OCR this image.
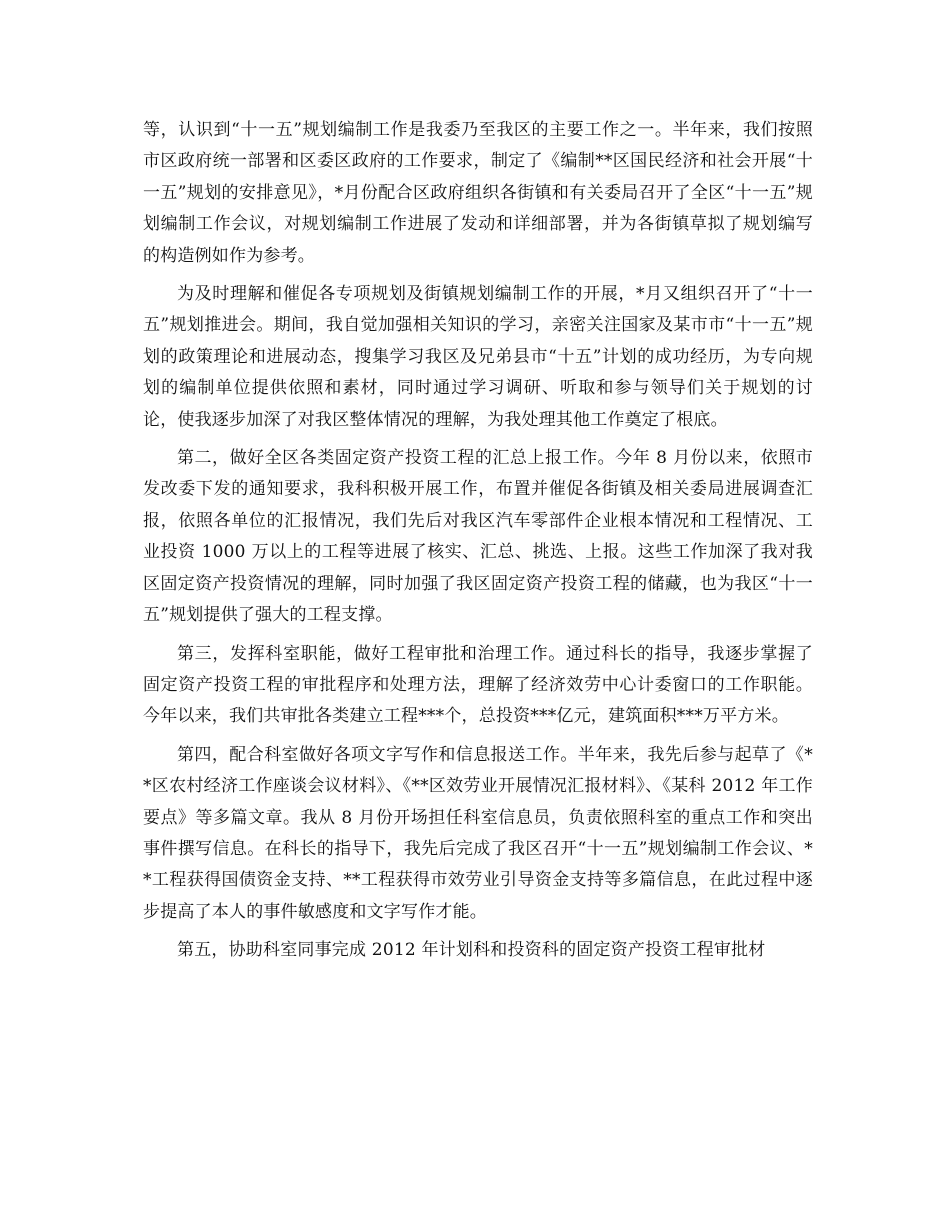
等，认识到“十一五”规划编制工作是我委乃至我区的主要工作之一。半年来，我们按照市区政府统一部署和区委区政府的工作要求，制定了《编制**区国民经济和社会开展“十一五”规划的安排意见》，*月份配合区政府组织各街镇和有关委局召开了全区“十一五”规划编制工作会议，对规划编制工作进展了发动和详细部署，并为各街镇草拟了规划编写的构造例如作为参考。

为及时理解和催促各专项规划及街镇规划编制工作的开展，*月又组织召开了“十一五”规划推进会。期间，我自觉加强相关知识的学习，亲密关注国家及某市市“十一五”规划的政策理论和进展动态，搜集学习我区及兄弟县市“十五”计划的成功经历，为专向规划的编制单位提供依照和素材，同时通过学习调研、听取和参与领导们关于规划的讨论，使我逐步加深了对我区整体情况的理解，为我处理其他工作奠定了根底。

第二，做好全区各类固定资产投资工程的汇总上报工作。今年 8 月份以来，依照市发改委下发的通知要求，我科积极开展工作，布置并催促各街镇及相关委局进展调查汇报，依照各单位的汇报情况，我们先后对我区汽车零部件企业根本情况和工程情况、工业投资 1000 万以上的工程等进展了核实、汇总、挑选、上报。这些工作加深了我对我区固定资产投资情况的理解，同时加强了我区固定资产投资工程的储藏，也为我区“十一五”规划提供了强大的工程支撑。

第三，发挥科室职能，做好工程审批和治理工作。通过科长的指导，我逐步掌握了固定资产投资工程的审批程序和处理方法，理解了经济效劳中心计委窗口的工作职能。今年以来，我们共审批各类建立工程***个，总投资***亿元，建筑面积***万平方米。

第四，配合科室做好各项文字写作和信息报送工作。半年来，我先后参与起草了《**区农村经济工作座谈会议材料》、《**区效劳业开展情况汇报材料》、《某科 2012 年工作要点》等多篇文章。我从 8 月份开场担任科室信息员，负责依照科室的重点工作和突出事件撰写信息。在科长的指导下，我先后完成了我区召开“十一五”规划编制工作会议、**工程获得国债资金支持、**工程获得市效劳业引导资金支持等多篇信息，在此过程中逐步提高了本人的事件敏感度和文字写作才能。

第五，协助科室同事完成 2012 年计划科和投资科的固定资产投资工程审批材
